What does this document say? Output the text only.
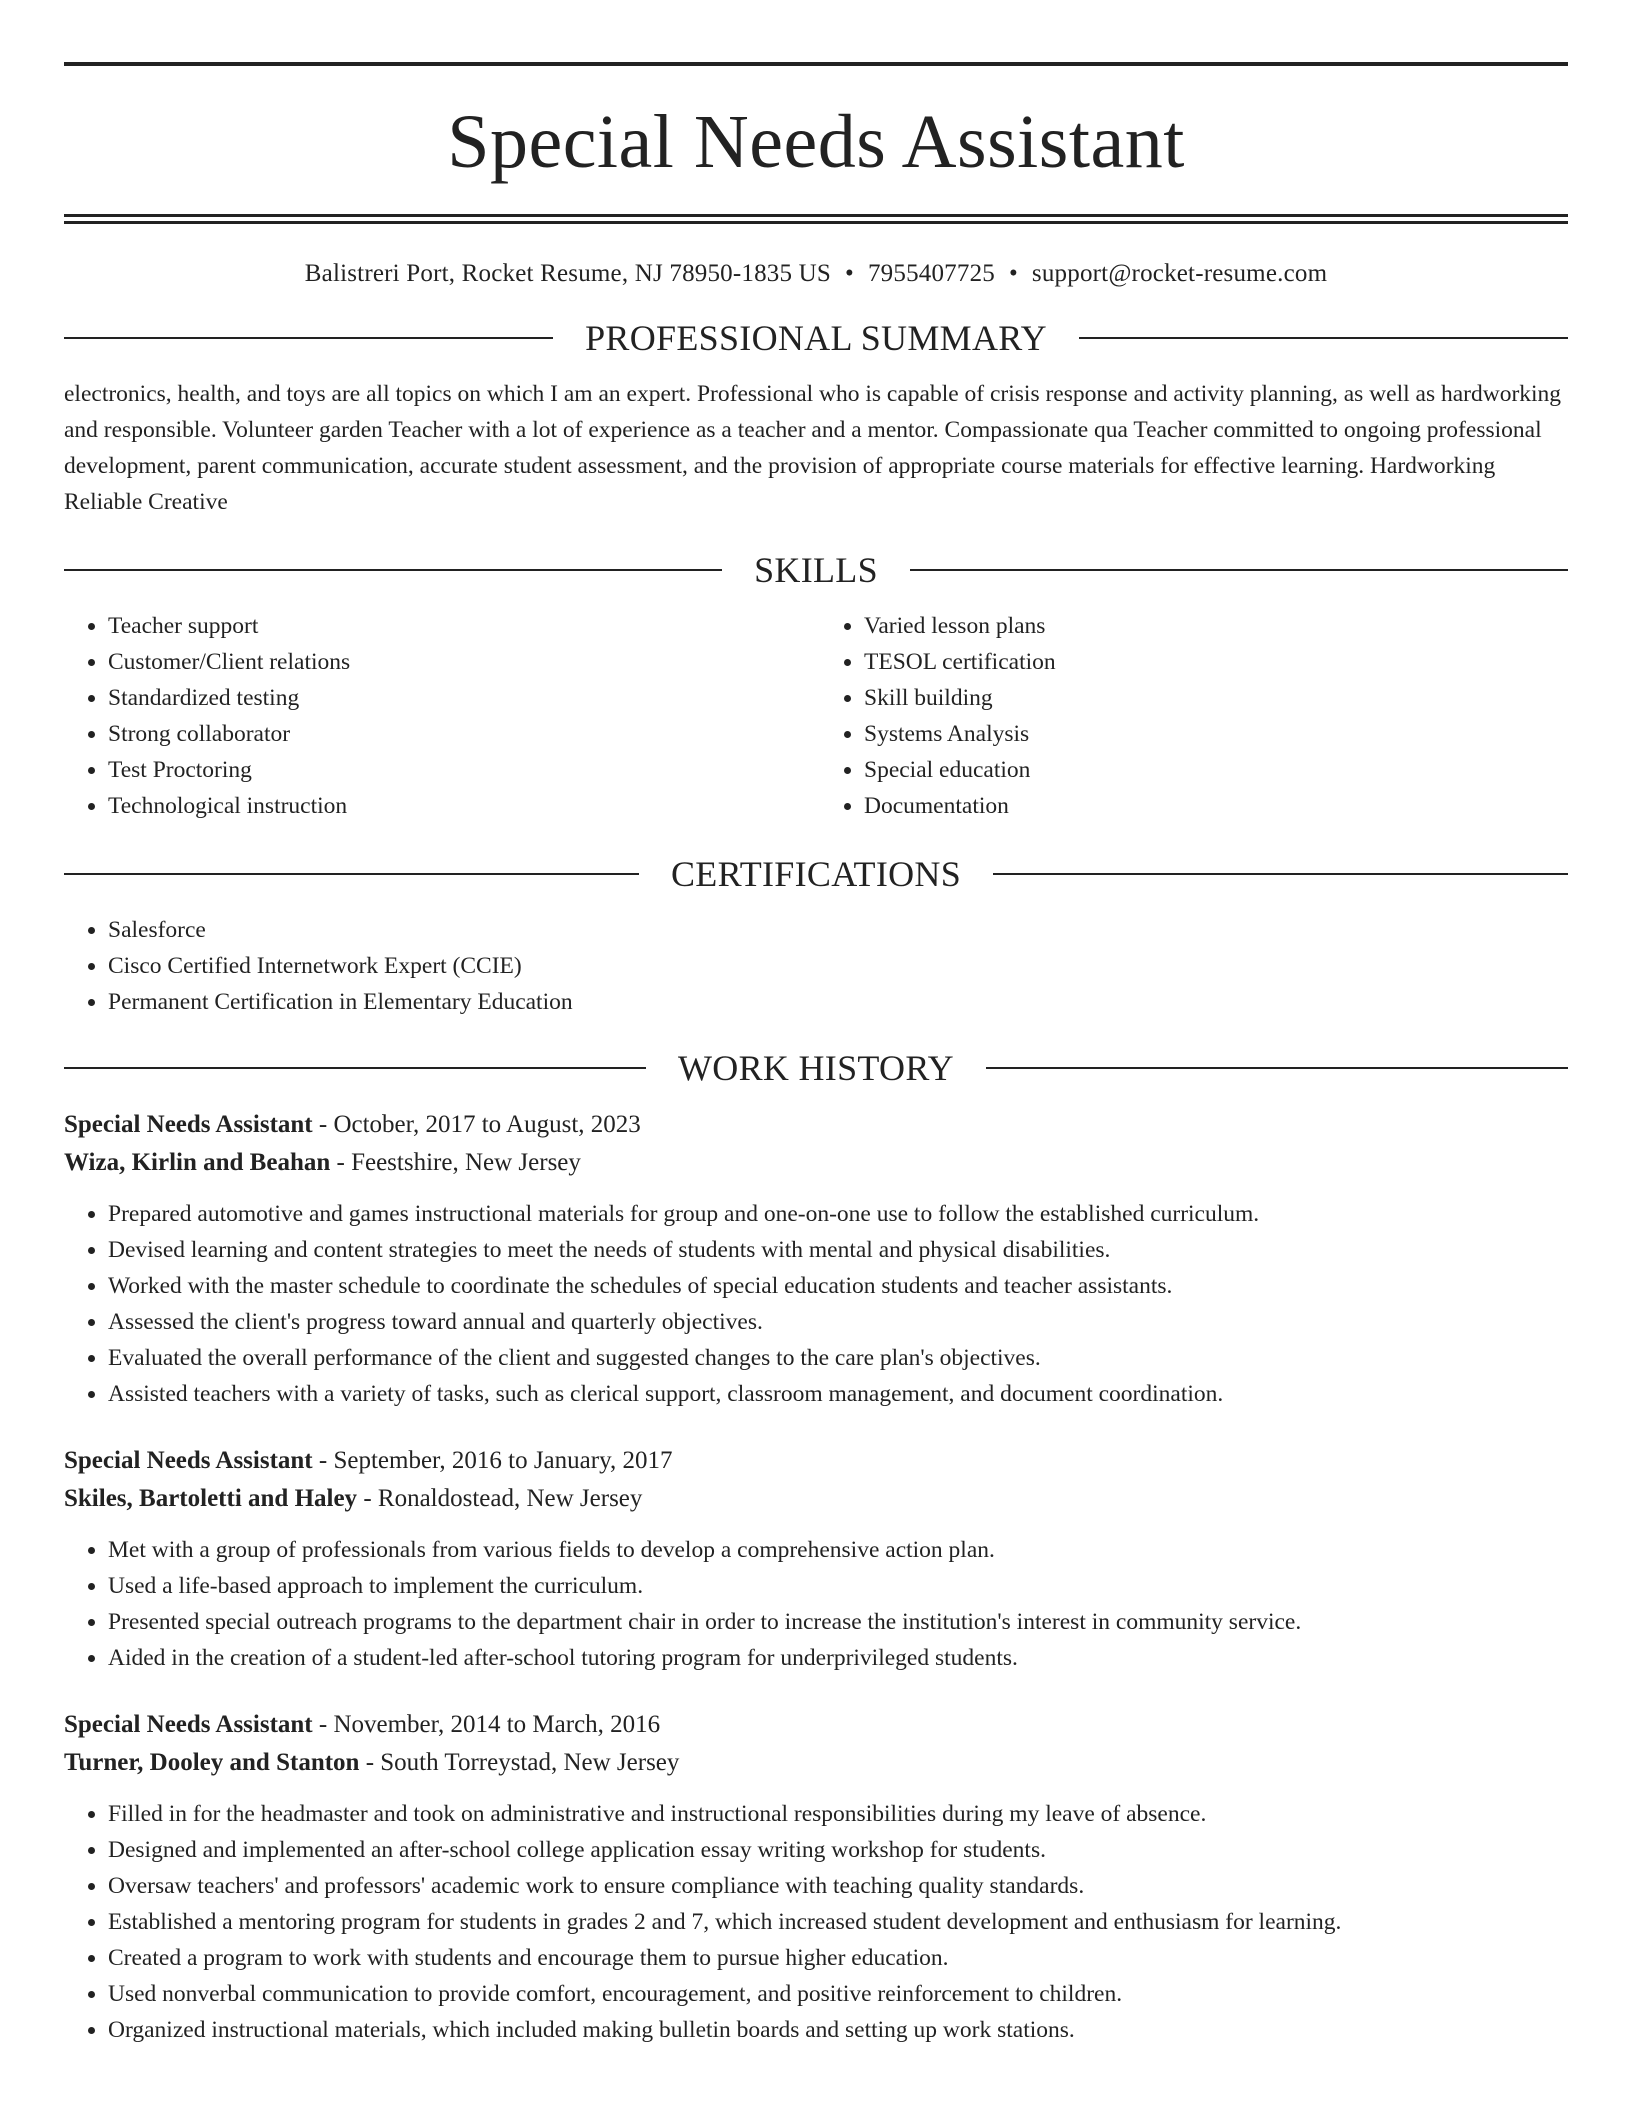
Special Needs Assistant
Balistreri Port, Rocket Resume, NJ 78950-1835 US • 7955407725 • support@rocket-resume.com
PROFESSIONAL SUMMARY

electronics, health, and toys are all topics on which I am an expert. Professional who is capable of crisis response and activity planning, as well as hardworking and responsible. Volunteer garden Teacher with a lot of experience as a teacher and a mentor. Compassionate qua Teacher committed to ongoing professional development, parent communication, accurate student assessment, and the provision of appropriate course materials for effective learning. Hardworking Reliable Creative

SKILLS
• Teacher support
• Customer/Client relations
• Standardized testing
• Strong collaborator
• Test Proctoring
• Technological instruction
• Varied lesson plans
• TESOL certification
• Skill building
• Systems Analysis
• Special education
• Documentation
CERTIFICATIONS
• Salesforce
• Cisco Certified Internetwork Expert (CCIE)
• Permanent Certification in Elementary Education
WORK HISTORY
Special Needs Assistant - October, 2017 to August, 2023
Wiza, Kirlin and Beahan - Feestshire, New Jersey
• Prepared automotive and games instructional materials for group and one-on-one use to follow the established curriculum.
• Devised learning and content strategies to meet the needs of students with mental and physical disabilities.
• Worked with the master schedule to coordinate the schedules of special education students and teacher assistants.
• Assessed the client's progress toward annual and quarterly objectives.
• Evaluated the overall performance of the client and suggested changes to the care plan's objectives.
• Assisted teachers with a variety of tasks, such as clerical support, classroom management, and document coordination.
Special Needs Assistant - September, 2016 to January, 2017
Skiles, Bartoletti and Haley - Ronaldostead, New Jersey
• Met with a group of professionals from various fields to develop a comprehensive action plan.
• Used a life-based approach to implement the curriculum.
• Presented special outreach programs to the department chair in order to increase the institution's interest in community service.
• Aided in the creation of a student-led after-school tutoring program for underprivileged students.
Special Needs Assistant - November, 2014 to March, 2016
Turner, Dooley and Stanton - South Torreystad, New Jersey
• Filled in for the headmaster and took on administrative and instructional responsibilities during my leave of absence.
• Designed and implemented an after-school college application essay writing workshop for students.
• Oversaw teachers' and professors' academic work to ensure compliance with teaching quality standards.
• Established a mentoring program for students in grades 2 and 7, which increased student development and enthusiasm for learning.
• Created a program to work with students and encourage them to pursue higher education.
• Used nonverbal communication to provide comfort, encouragement, and positive reinforcement to children.
• Organized instructional materials, which included making bulletin boards and setting up work stations.
